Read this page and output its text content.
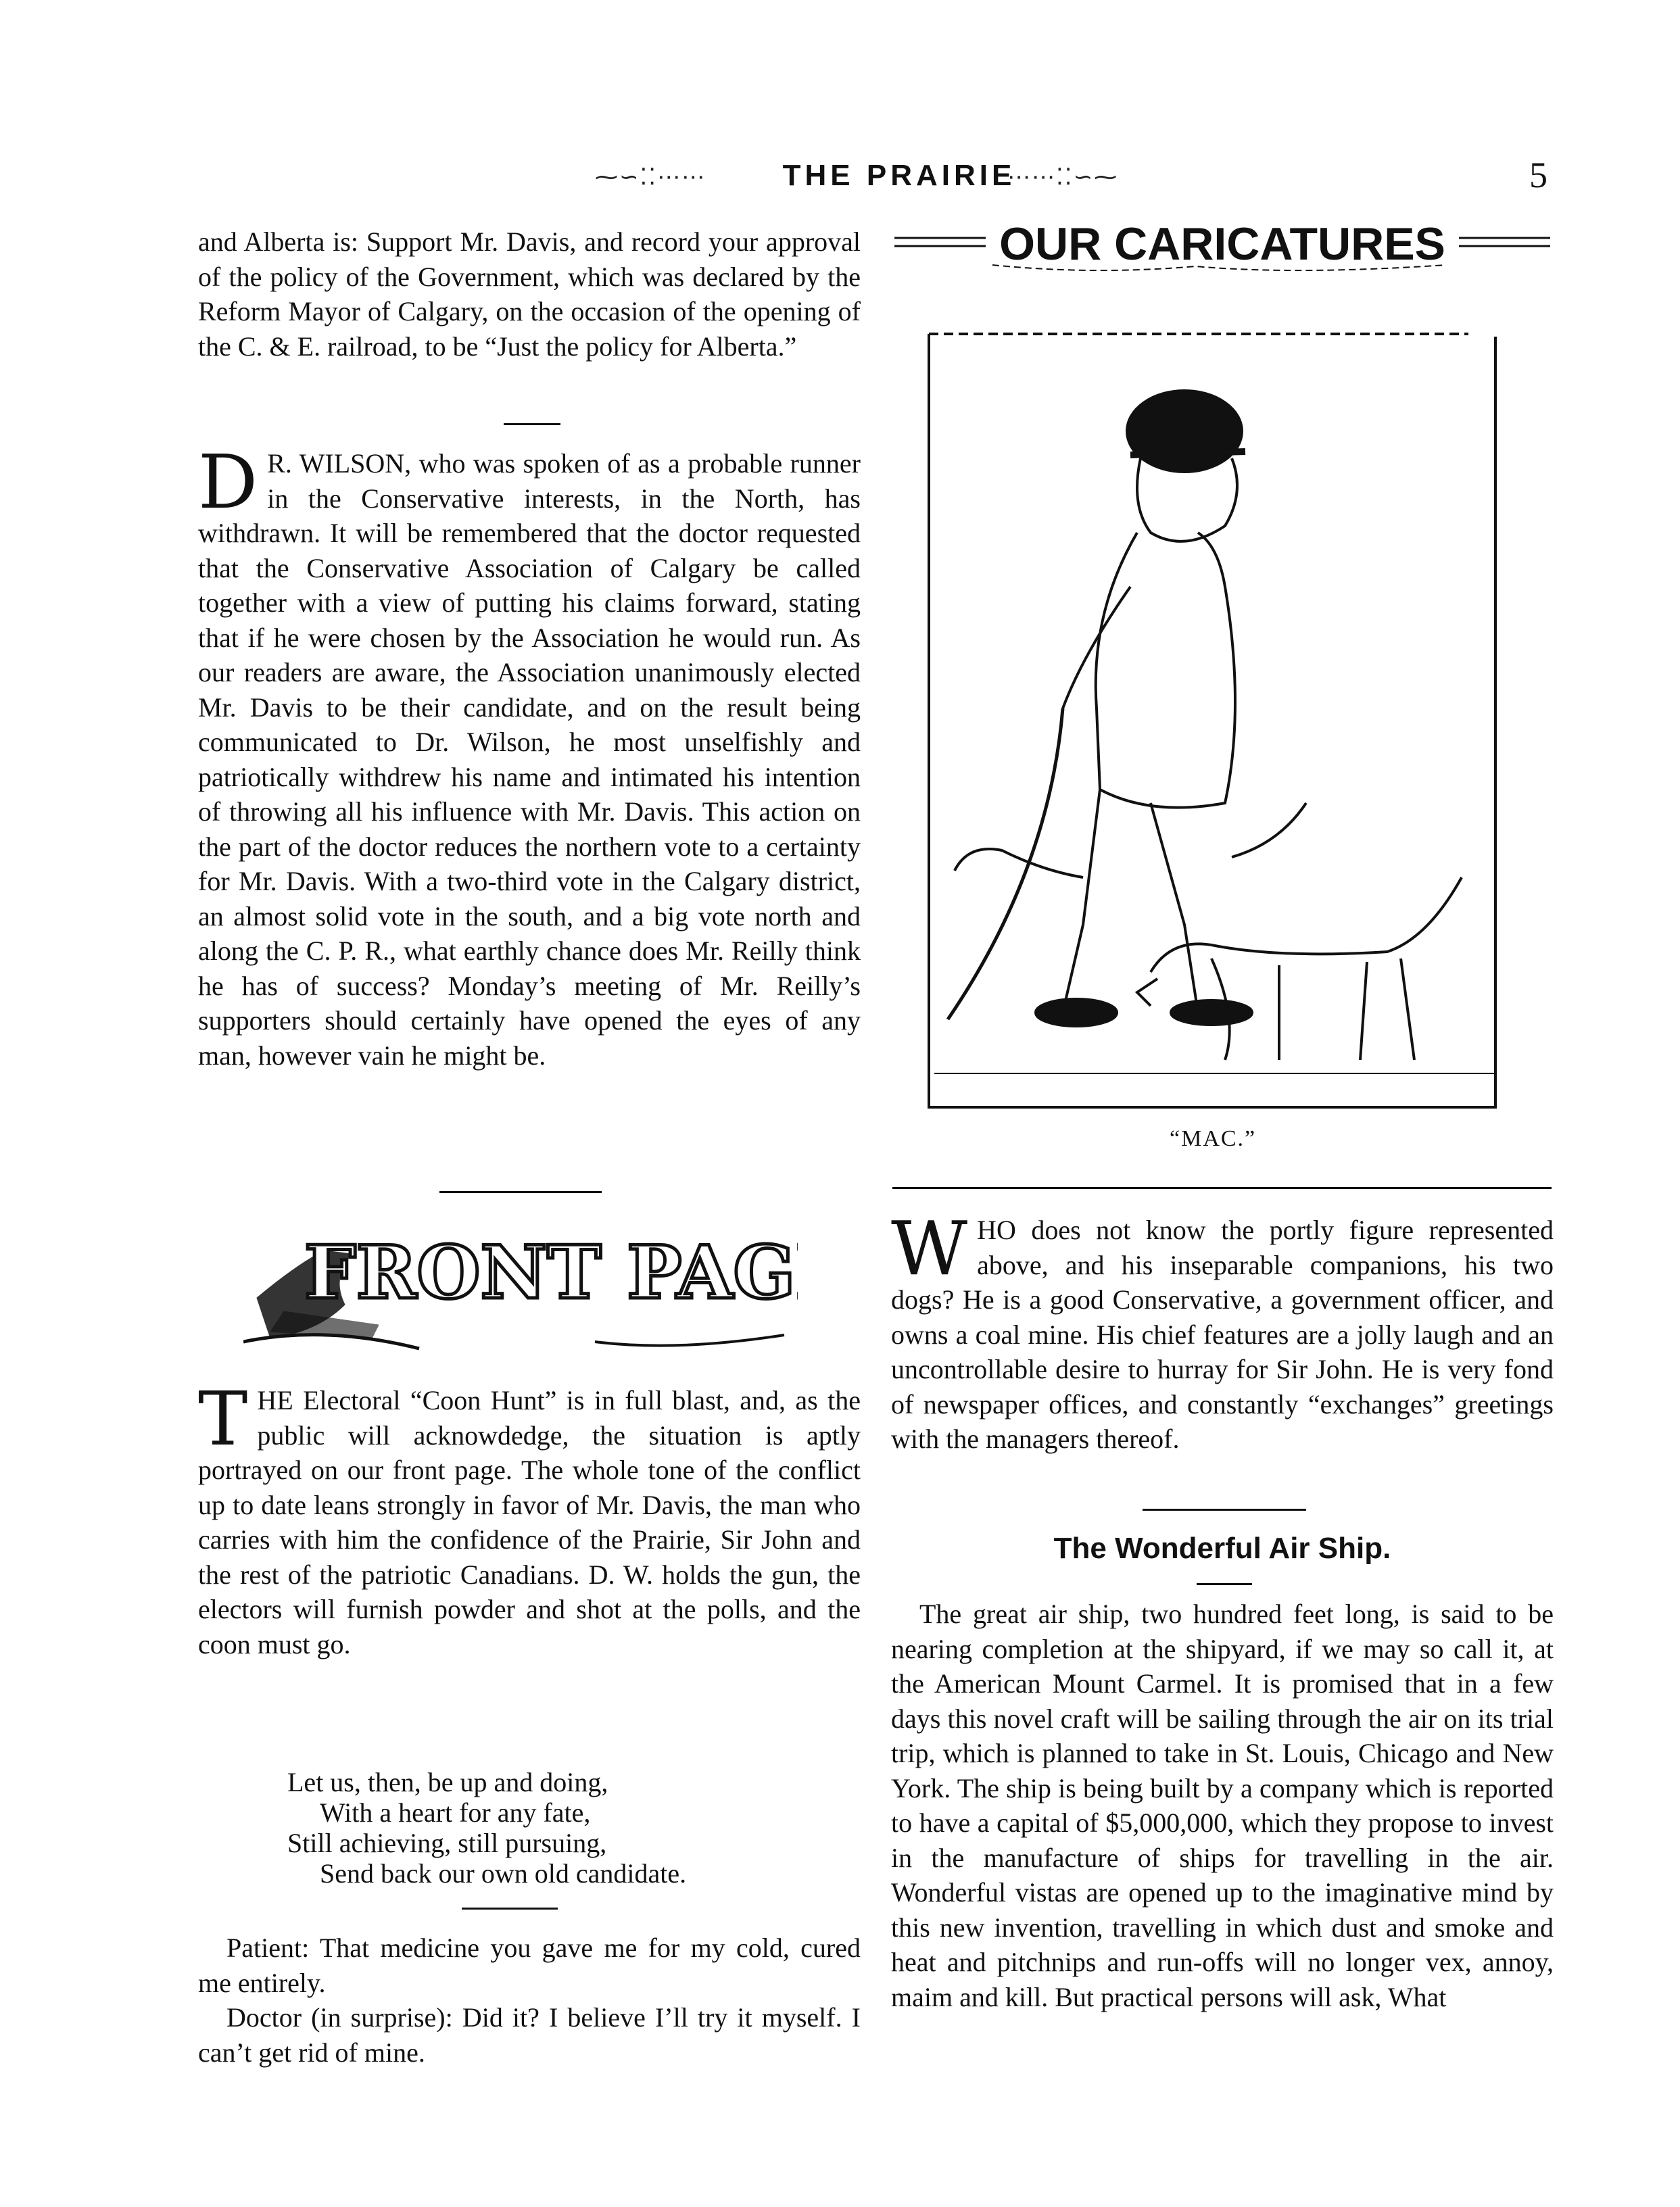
⁓∽⁚⁚⋯⋯	THE PRAIRIE
⋯⋯⁚⁚∽⁓	5

and Alberta is: Support Mr. Davis, and record your approval of the policy of the Government, which was declared by the Reform Mayor of Calgary, on the occasion of the opening of the C. & E. railroad, to be “Just the policy for Alberta.”

D R. WILSON, who was spoken of as a probable runner in the Conservative interests, in the North, has withdrawn. It will be remembered that the doctor requested that the Conservative Association of Calgary be called together with a view of putting his claims forward, stating that if he were chosen by the Association he would run. As our readers are aware, the Association unanimously elected Mr. Davis to be their candidate, and on the result being communicated to Dr. Wilson, he most unselfishly and patriotically withdrew his name and intimated his intention of throwing all his influence with Mr. Davis. This action on the part of the doctor reduces the northern vote to a certainty for Mr. Davis. With a two-third vote in the Calgary district, an almost solid vote in the south, and a big vote north and along the C. P. R., what earthly chance does Mr. Reilly think he has of success? Monday’s meeting of Mr. Reilly’s supporters should certainly have opened the eyes of any man, however vain he might be.

FRONT PAGE

T HE Electoral “Coon Hunt” is in full blast, and, as the public will acknowdedge, the situation is aptly portrayed on our front page. The whole tone of the conflict up to date leans strongly in favor of Mr. Davis, the man who carries with him the confidence of the Prairie, Sir John and the rest of the patriotic Canadians. D. W. holds the gun, the electors will furnish powder and shot at the polls, and the coon must go.

Let us, then, be up and doing,
With a heart for any fate,
Still achieving, still pursuing,
Send back our own old candidate.

Patient: That medicine you gave me for my cold, cured me entirely.

Doctor (in surprise): Did it? I believe I’ll try it myself. I can’t get rid of mine.

OUR CARICATURES
“MAC.”

W HO does not know the portly figure represented above, and his inseparable companions, his two dogs? He is a good Conservative, a government officer, and owns a coal mine. His chief features are a jolly laugh and an uncontrollable desire to hurray for Sir John. He is very fond of newspaper offices, and constantly “exchanges” greetings with the managers thereof.

The Wonderful Air Ship.

The great air ship, two hundred feet long, is said to be nearing completion at the shipyard, if we may so call it, at the American Mount Carmel. It is promised that in a few days this novel craft will be sailing through the air on its trial trip, which is planned to take in St. Louis, Chicago and New York. The ship is being built by a company which is reported to have a capital of $5,000,000, which they propose to invest in the manufacture of ships for travelling in the air. Wonderful vistas are opened up to the imaginative mind by this new invention, travelling in which dust and smoke and heat and pitchnips and run-offs will no longer vex, annoy, maim and kill. But practical persons will ask, What
